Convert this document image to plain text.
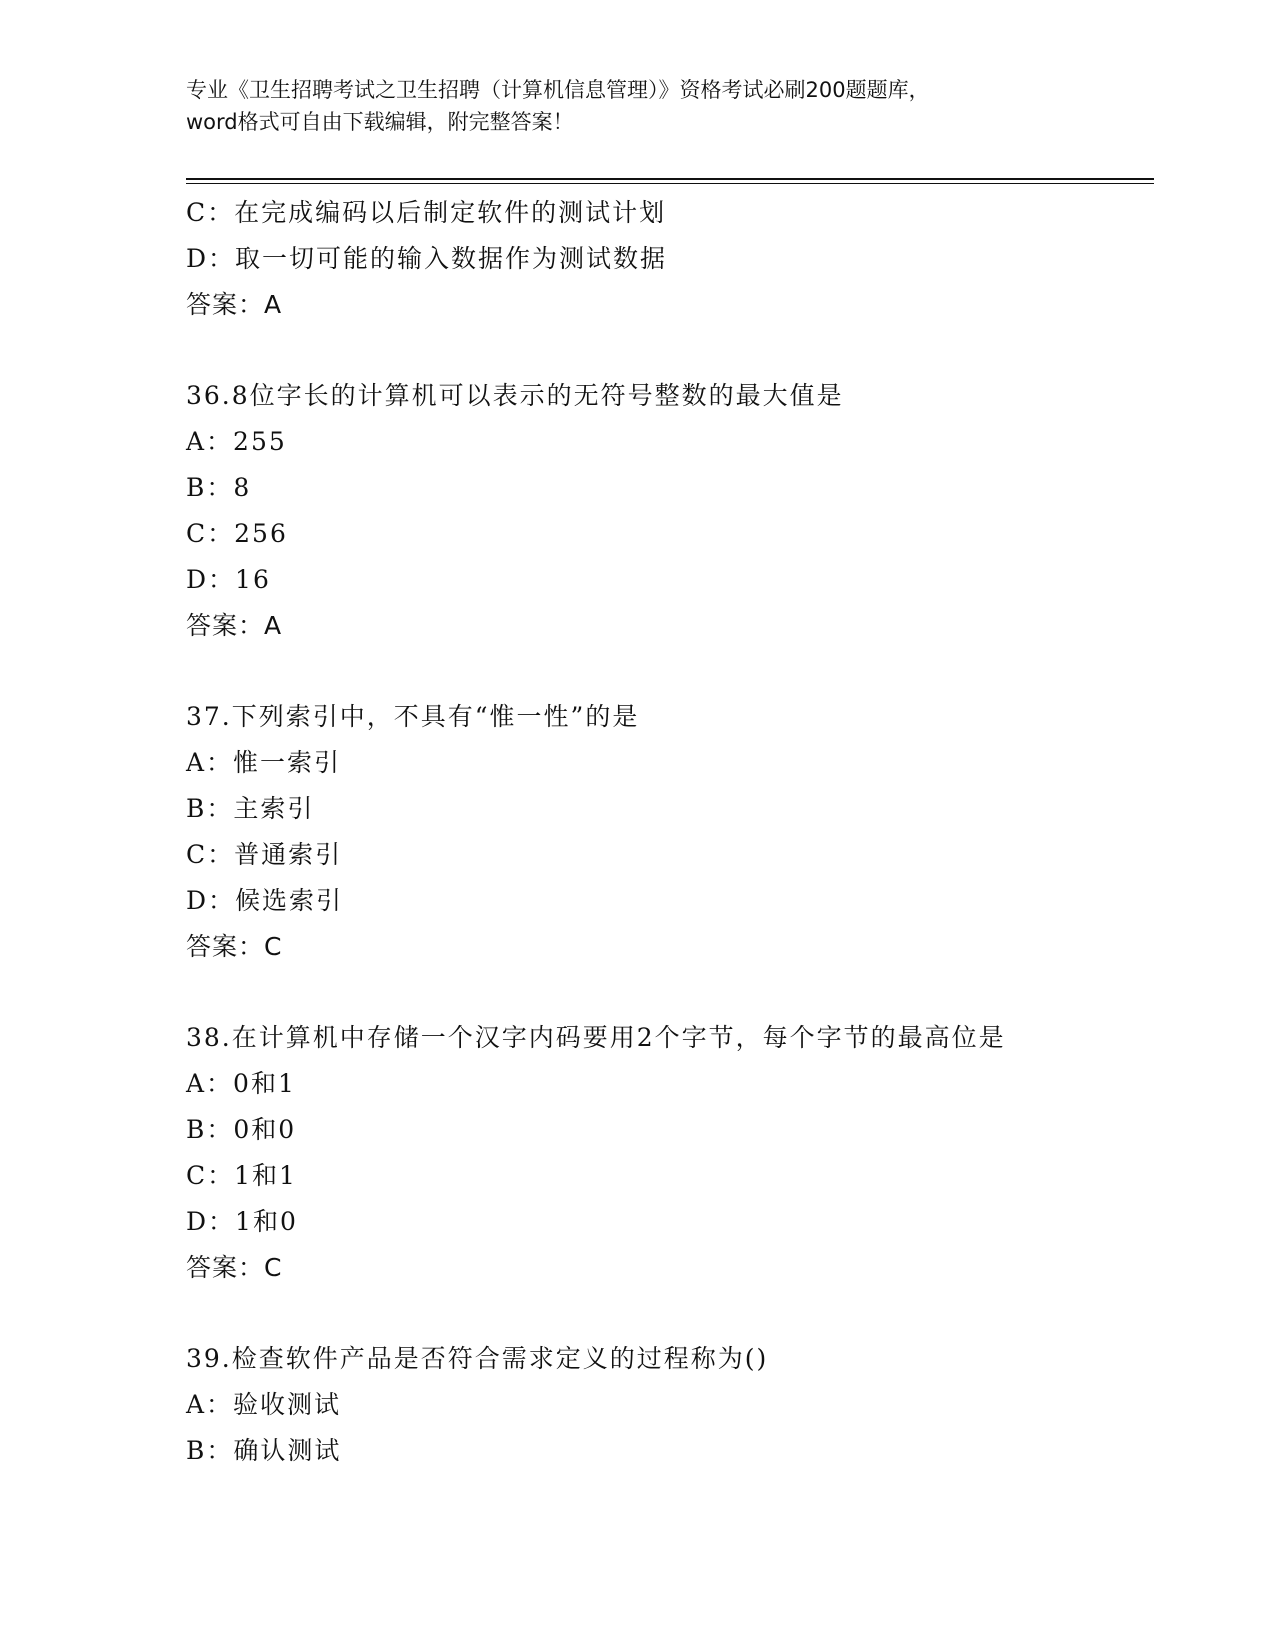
专业《卫生招聘考试之卫生招聘（计算机信息管理）》资格考试必刷200题题库，
word格式可自由下载编辑，附完整答案！
C：在完成编码以后制定软件的测试计划
D：取一切可能的输入数据作为测试数据
答案：A
36.8位字长的计算机可以表示的无符号整数的最大值是
A：255
B：8
C：256
D：16
答案：A
37.下列索引中，不具有“惟一性”的是
A：惟一索引
B：主索引
C：普通索引
D：候选索引
答案：C
38.在计算机中存储一个汉字内码要用2个字节，每个字节的最高位是
A：0和1
B：0和0
C：1和1
D：1和0
答案：C
39.检查软件产品是否符合需求定义的过程称为()
A：验收测试
B：确认测试
